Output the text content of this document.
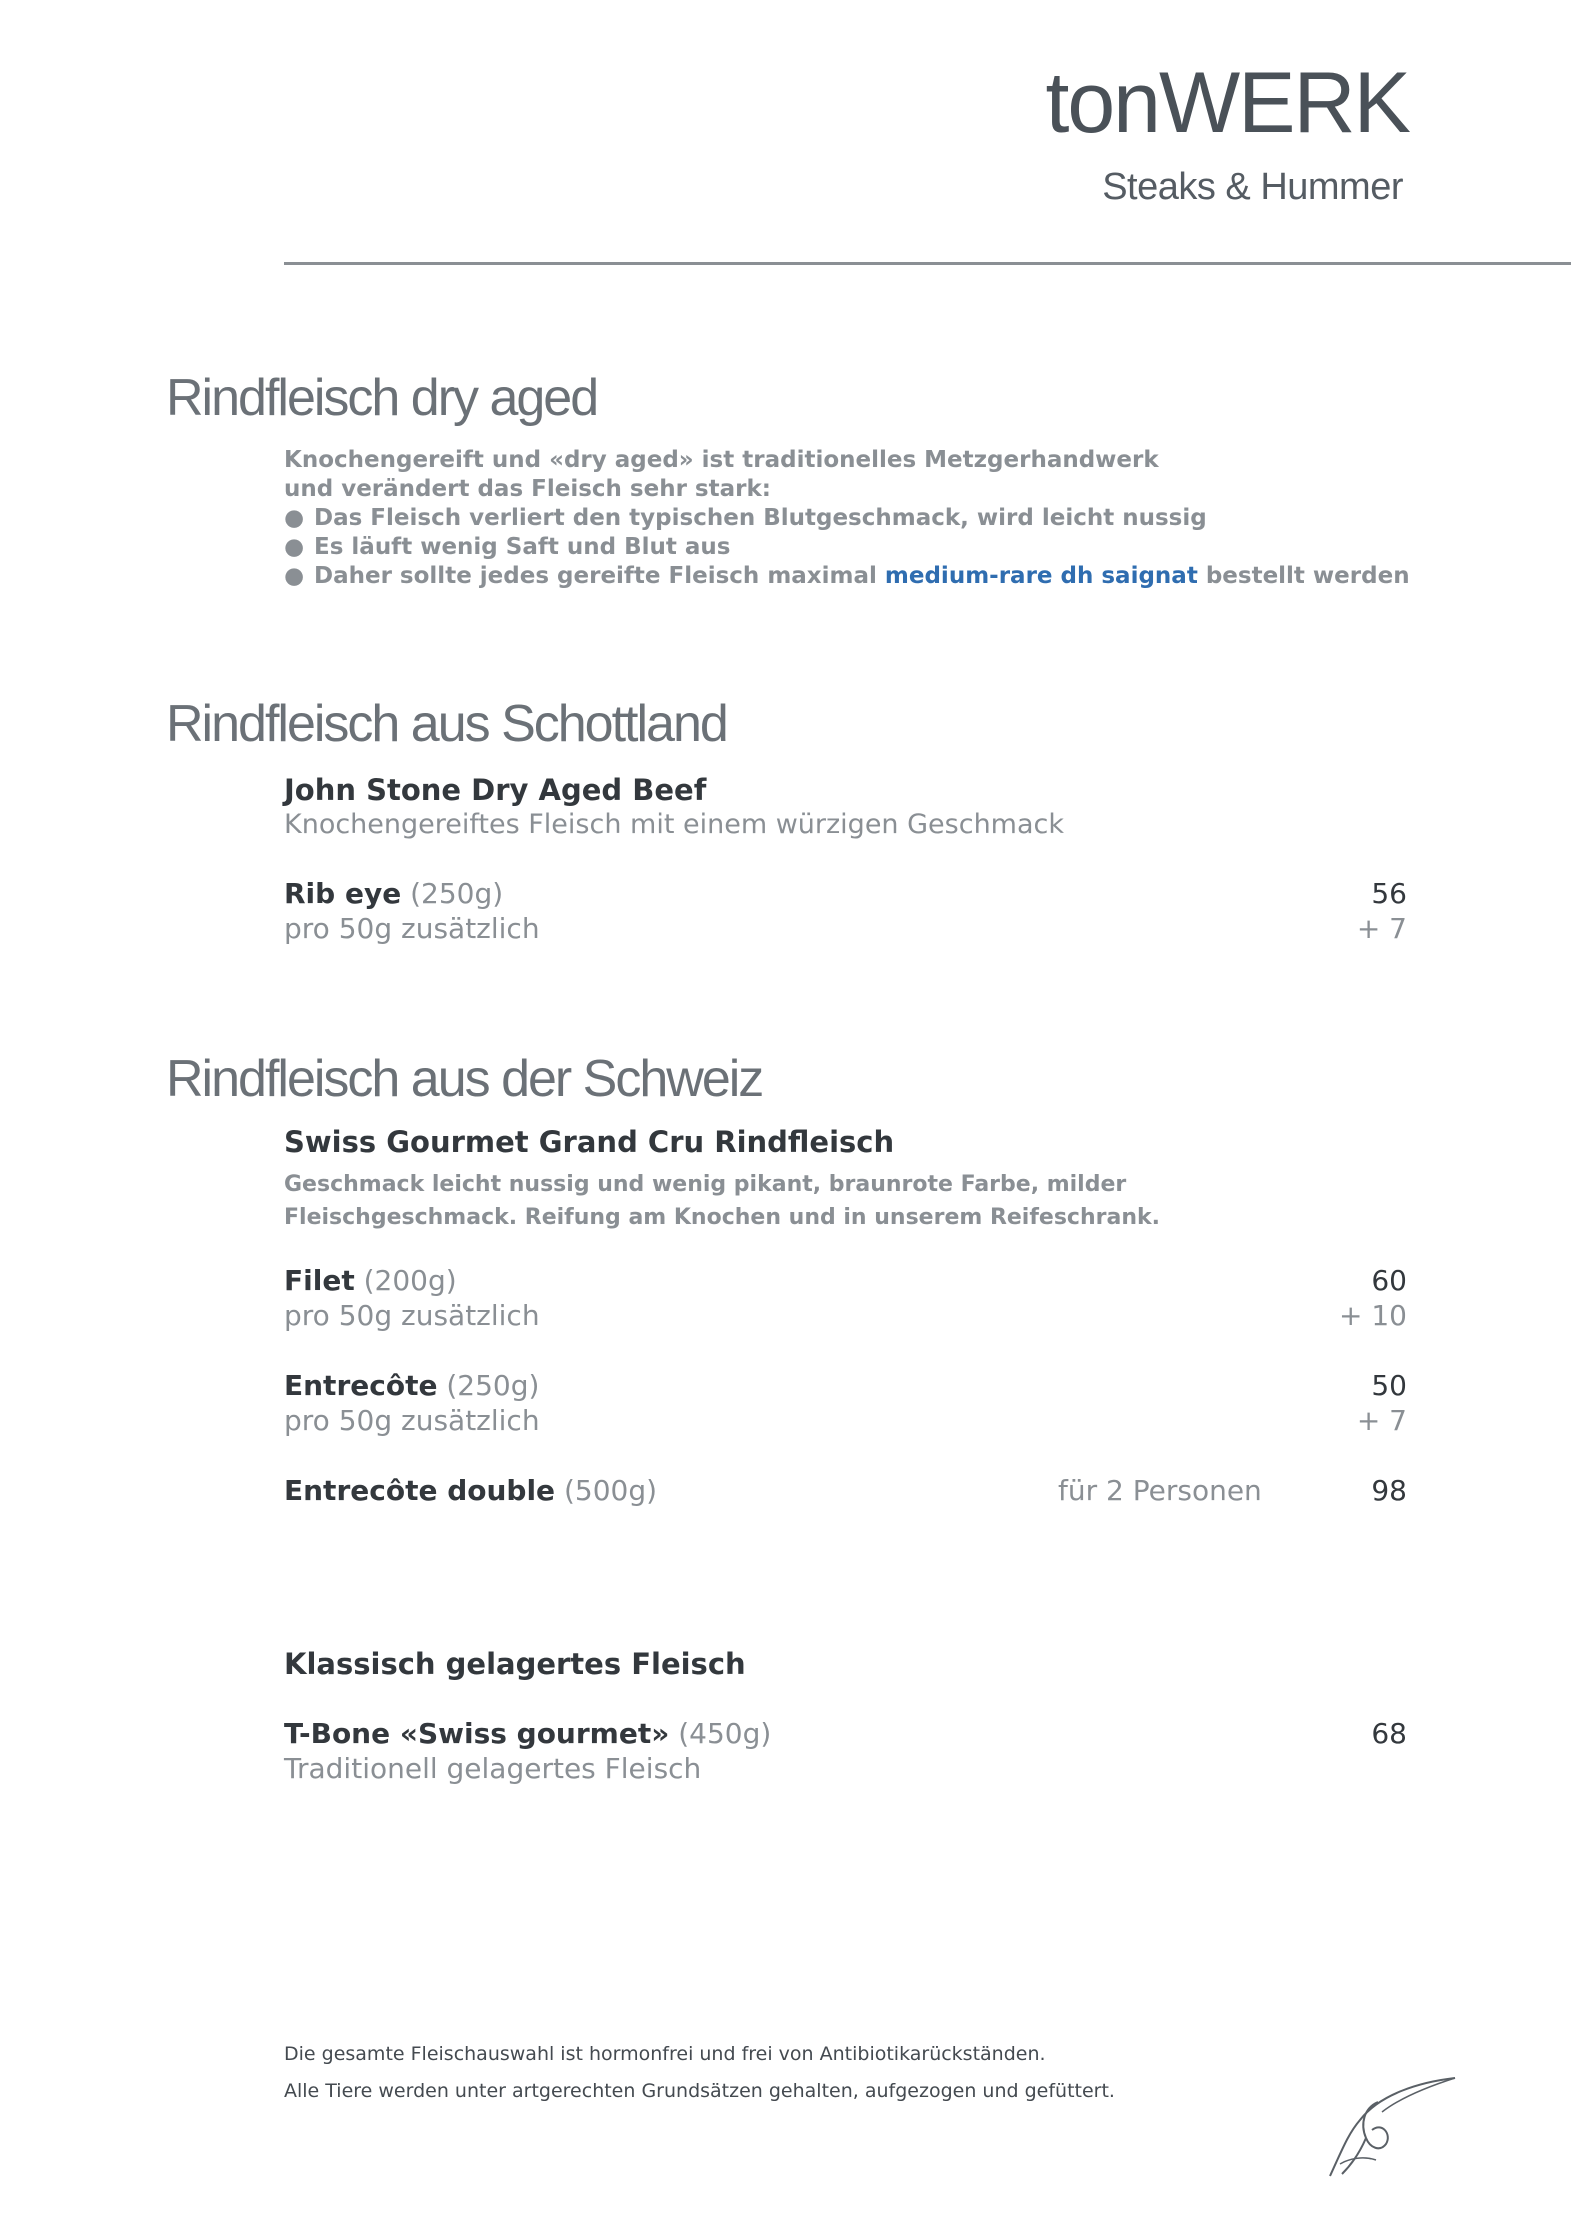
tonWERK
Steaks & Hummer
Rindfleisch dry aged
Knochengereift und «dry aged» ist traditionelles Metzgerhandwerk
und verändert das Fleisch sehr stark:
● Das Fleisch verliert den typischen Blutgeschmack, wird leicht nussig
● Es läuft wenig Saft und Blut aus
● Daher sollte jedes gereifte Fleisch maximal medium-rare dh saignat bestellt werden
Rindfleisch aus Schottland
John Stone Dry Aged Beef
Knochengereiftes Fleisch mit einem würzigen Geschmack
Rib eye (250g)	56
pro 50g zusätzlich	+ 7
Rindfleisch aus der Schweiz
Swiss Gourmet Grand Cru Rindfleisch
Geschmack leicht nussig und wenig pikant, braunrote Farbe, milder
Fleischgeschmack. Reifung am Knochen und in unserem Reifeschrank.
Filet (200g)	60
pro 50g zusätzlich	+ 10
Entrecôte (250g)	50
pro 50g zusätzlich	+ 7
Entrecôte double (500g)	für 2 Personen	98
Klassisch gelagertes Fleisch
T-Bone «Swiss gourmet» (450g)	68
Traditionell gelagertes Fleisch
Die gesamte Fleischauswahl ist hormonfrei und frei von Antibiotikarückständen.
Alle Tiere werden unter artgerechten Grundsätzen gehalten, aufgezogen und gefüttert.
